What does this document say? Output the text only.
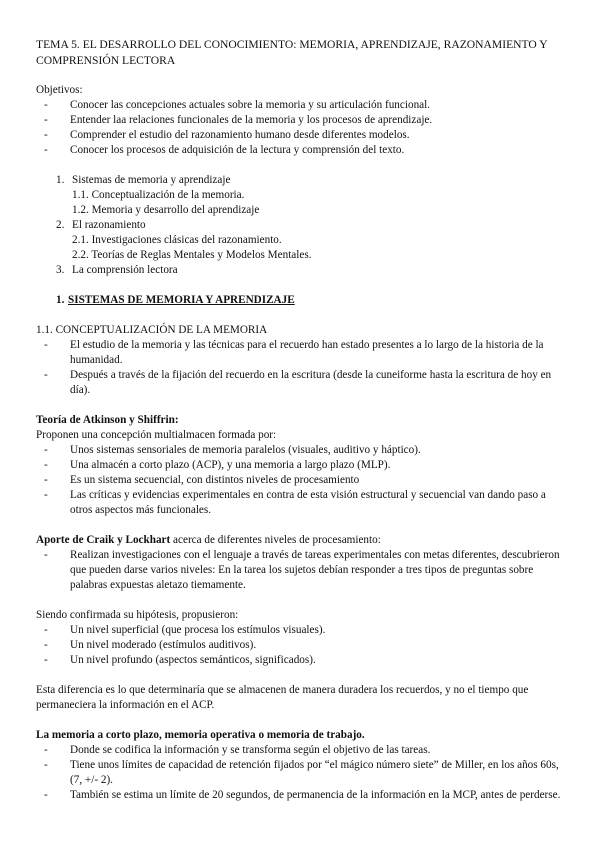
TEMA 5. EL DESARROLLO DEL CONOCIMIENTO: MEMORIA, APRENDIZAJE, RAZONAMIENTO Y COMPRENSIÓN LECTORA

Objetivos:

- Conocer las concepciones actuales sobre la memoria y su articulación funcional.
- Entender laa relaciones funcionales de la memoria y los procesos de aprendizaje.
- Comprender el estudio del razonamiento humano desde diferentes modelos.
- Conocer los procesos de adquisición de la lectura y comprensión del texto.
1. Sistemas de memoria y aprendizaje
1.1. Conceptualización de la memoria.
1.2. Memoria y desarrollo del aprendizaje
2. El razonamiento
2.1. Investigaciones clásicas del razonamiento.
2.2. Teorías de Reglas Mentales y Modelos Mentales.
3. La comprensión lectora
1. SISTEMAS DE MEMORIA Y APRENDIZAJE

1.1. CONCEPTUALIZACIÓN DE LA MEMORIA

- El estudio de la memoria y las técnicas para el recuerdo han estado presentes a lo largo de la historia de la humanidad.
- Después a través de la fijación del recuerdo en la escritura (desde la cuneiforme hasta la escritura de hoy en día).

Teoría de Atkinson y Shiffrin:

Proponen una concepción multialmacen formada por:

- Unos sistemas sensoriales de memoria paralelos (visuales, auditivo y háptico).
- Una almacén a corto plazo (ACP), y una memoria a largo plazo (MLP).
- Es un sistema secuencial, con distintos niveles de procesamiento
- Las críticas y evidencias experimentales en contra de esta visión estructural y secuencial van dando paso a otros aspectos más funcionales.

Aporte de Craik y Lockhart acerca de diferentes niveles de procesamiento:

- Realizan investigaciones con el lenguaje a través de tareas experimentales con metas diferentes, descubrieron que pueden darse varios niveles: En la tarea los sujetos debían responder a tres tipos de preguntas sobre palabras expuestas aletazo tiemamente.

Siendo confirmada su hipótesis, propusieron:

- Un nivel superficial (que procesa los estímulos visuales).
- Un nivel moderado (estímulos auditivos).
- Un nivel profundo (aspectos semánticos, significados).

Esta diferencia es lo que determinaría que se almacenen de manera duradera los recuerdos, y no el tiempo que permaneciera la información en el ACP.

La memoria a corto plazo, memoria operativa o memoria de trabajo.

- Donde se codifica la información y se transforma según el objetivo de las tareas.
- Tiene unos límites de capacidad de retención fijados por “el mágico número siete” de Miller, en los años 60s, (7, +/- 2).
- También se estima un límite de 20 segundos, de permanencia de la información en la MCP, antes de perderse.
